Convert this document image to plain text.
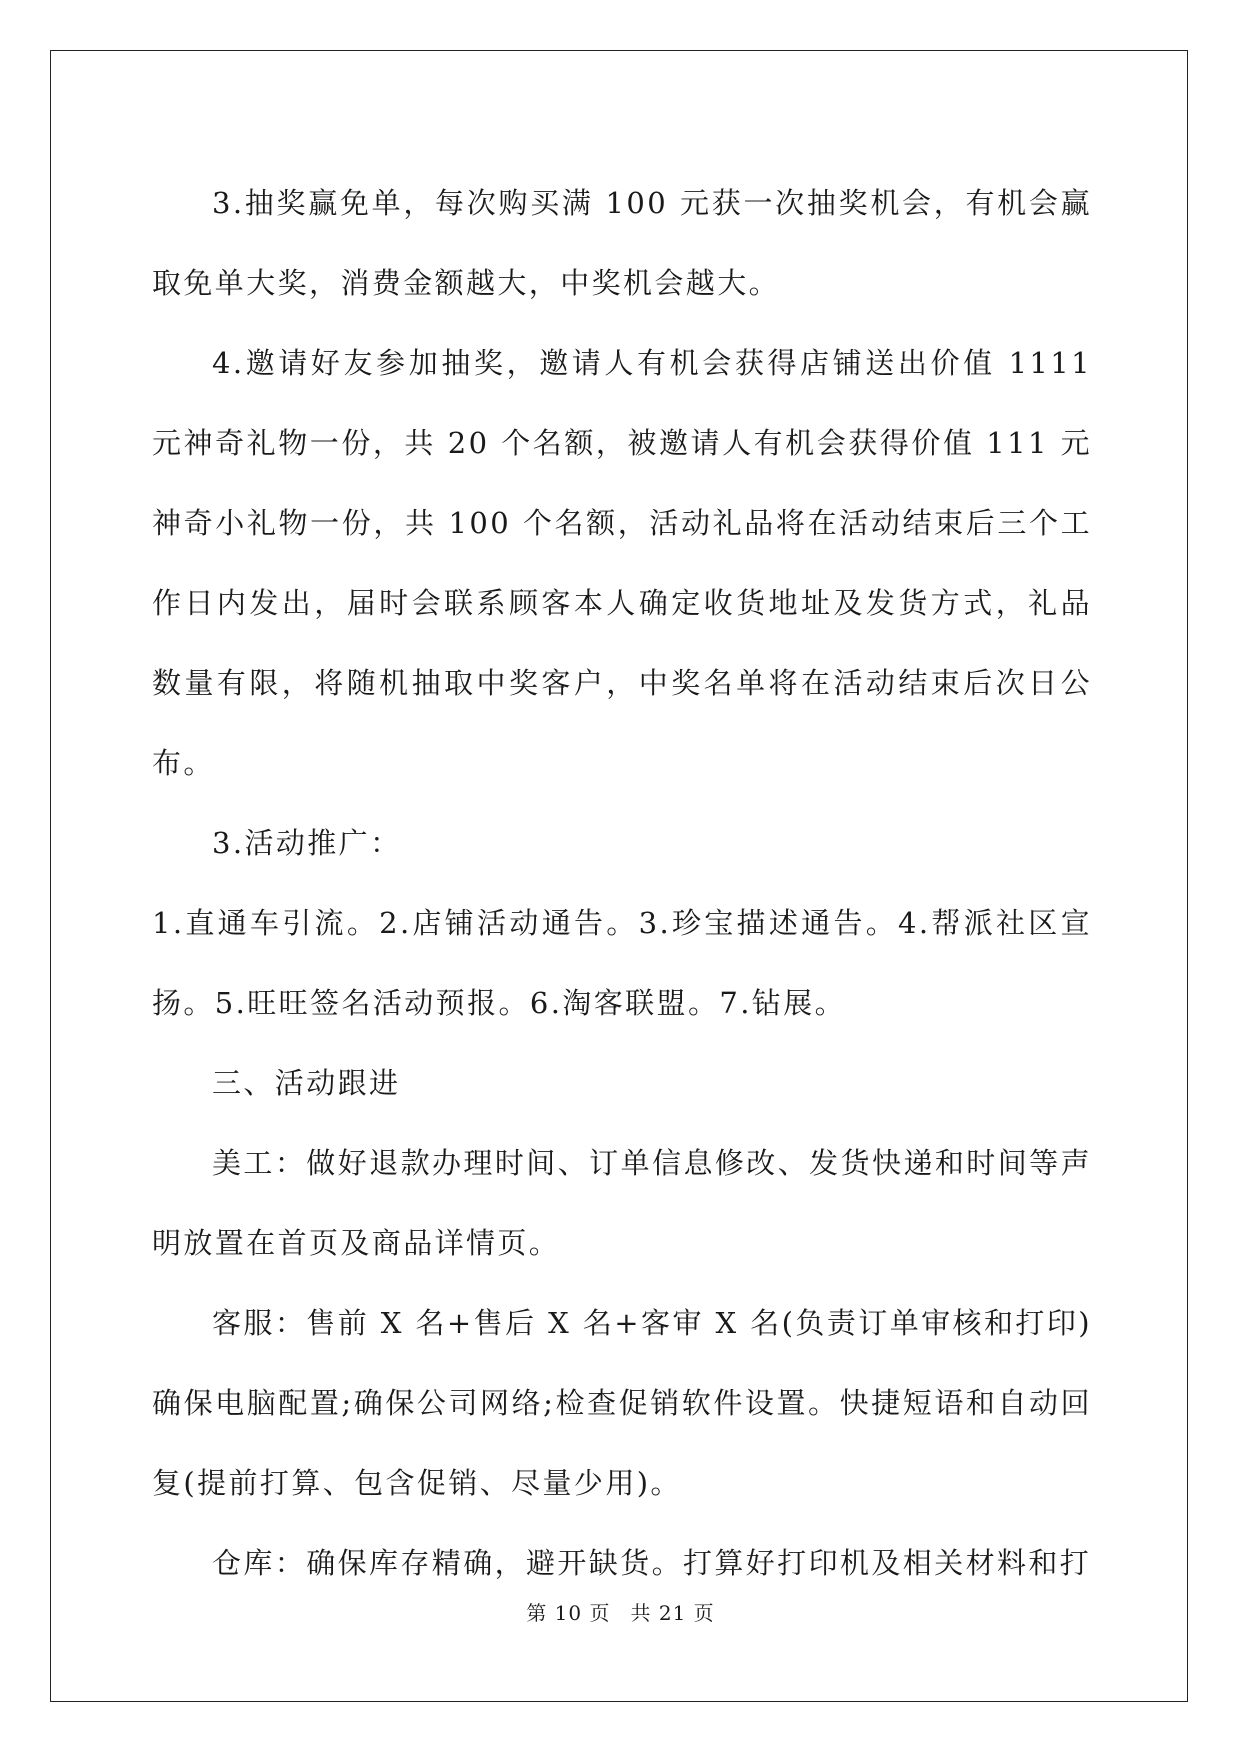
3.抽奖赢免单，每次购买满 100 元获一次抽奖机会，有机会赢取免单大奖，消费金额越大，中奖机会越大。

4.邀请好友参加抽奖，邀请人有机会获得店铺送出价值 1111 元神奇礼物一份，共 20 个名额，被邀请人有机会获得价值 111 元神奇小礼物一份，共 100 个名额，活动礼品将在活动结束后三个工作日内发出，届时会联系顾客本人确定收货地址及发货方式，礼品数量有限，将随机抽取中奖客户，中奖名单将在活动结束后次日公布。

3.活动推广：

1.直通车引流。2.店铺活动通告。3.珍宝描述通告。4.帮派社区宣扬。5.旺旺签名活动预报。6.淘客联盟。7.钻展。

三、活动跟进

美工：做好退款办理时间、订单信息修改、发货快递和时间等声明放置在首页及商品详情页。

客服：售前 X 名+售后 X 名+客审 X 名(负责订单审核和打印)确保电脑配置;确保公司网络;检查促销软件设置。快捷短语和自动回复(提前打算、包含促销、尽量少用)。

仓库：确保库存精确，避开缺货。打算好打印机及相关材料和打

第 10 页 共 21 页
